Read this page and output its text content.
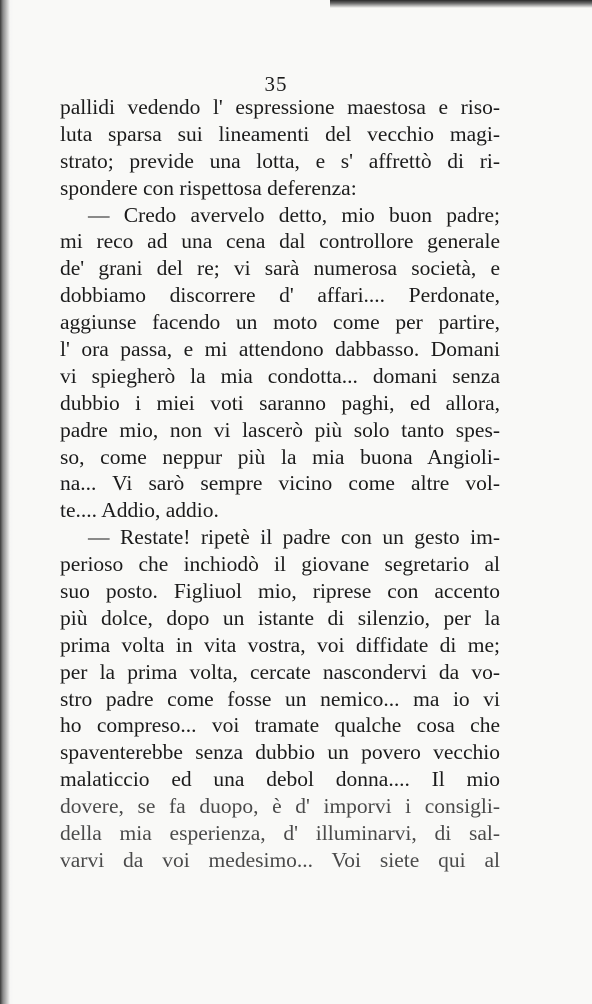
35
pallidi vedendo l' espressione maestosa e riso-
luta sparsa sui lineamenti del vecchio magi-
strato; previde una lotta, e s' affrettò di ri-
spondere con rispettosa deferenza:
— Credo avervelo detto, mio buon padre;
mi reco ad una cena dal controllore generale
de' grani del re; vi sarà numerosa società, e
dobbiamo discorrere d' affari.... Perdonate,
aggiunse facendo un moto come per partire,
l' ora passa, e mi attendono dabbasso. Domani
vi spiegherò la mia condotta... domani senza
dubbio i miei voti saranno paghi, ed allora,
padre mio, non vi lascerò più solo tanto spes-
so, come neppur più la mia buona Angioli-
na... Vi sarò sempre vicino come altre vol-
te.... Addio, addio.
— Restate! ripetè il padre con un gesto im-
perioso che inchiodò il giovane segretario al
suo posto. Figliuol mio, riprese con accento
più dolce, dopo un istante di silenzio, per la
prima volta in vita vostra, voi diffidate di me;
per la prima volta, cercate nascondervi da vo-
stro padre come fosse un nemico... ma io vi
ho compreso... voi tramate qualche cosa che
spaventerebbe senza dubbio un povero vecchio
malaticcio ed una debol donna.... Il mio
dovere, se fa duopo, è d' imporvi i consigli-
della mia esperienza, d' illuminarvi, di sal-
varvi da voi medesimo... Voi siete qui al
